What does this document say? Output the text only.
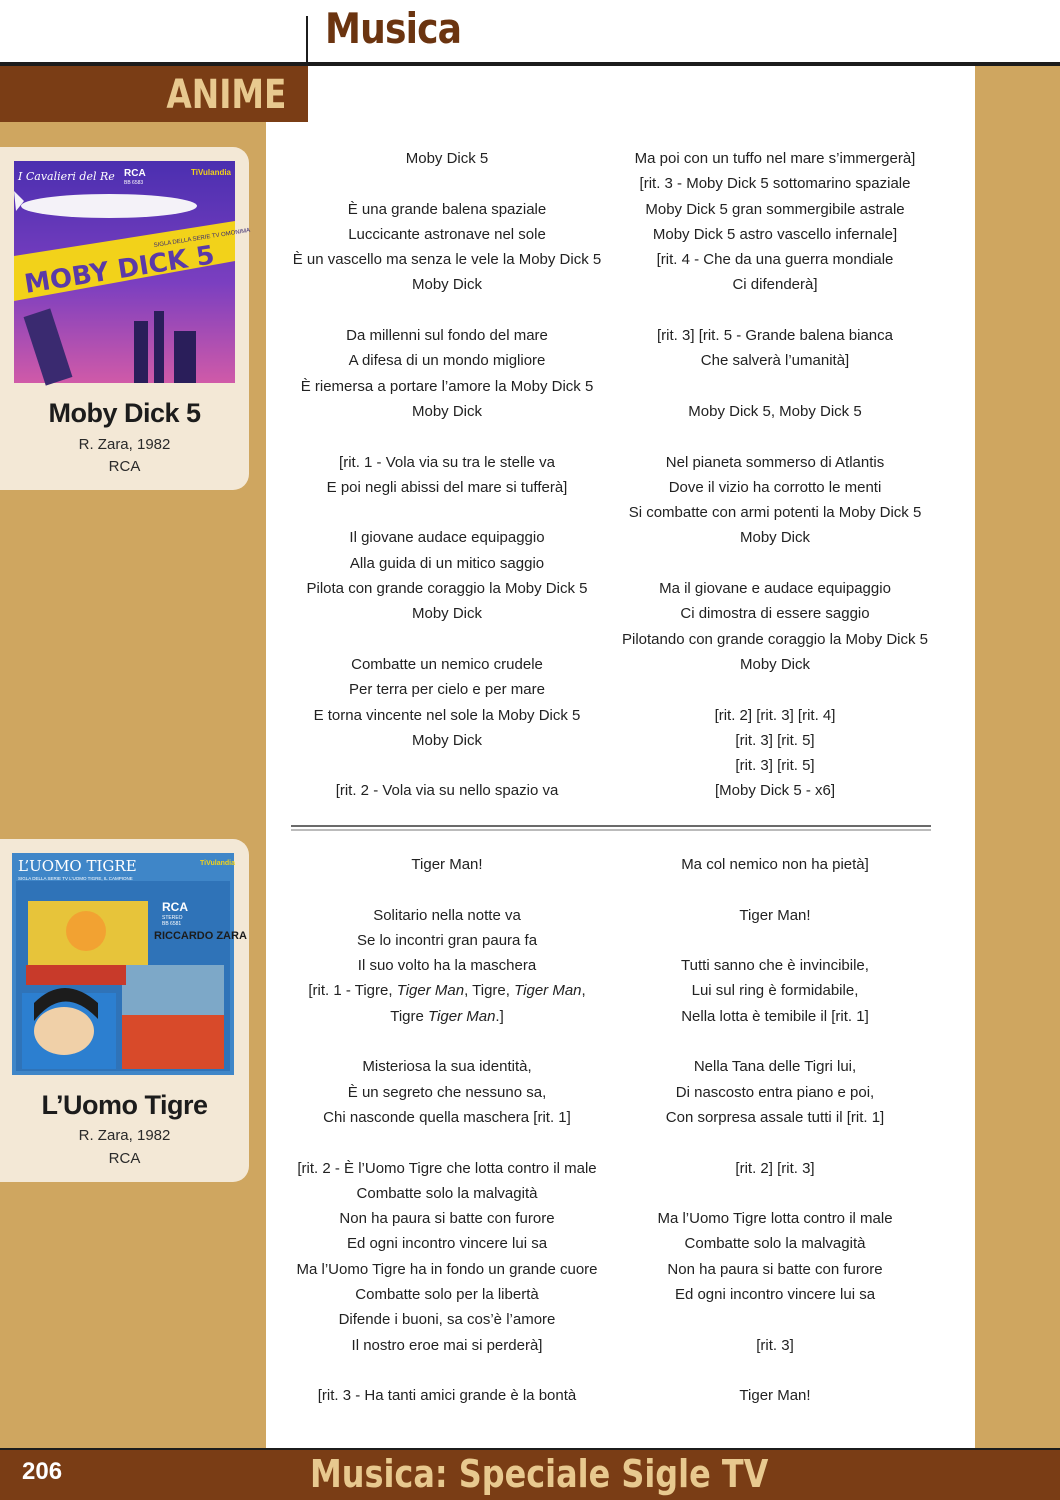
Musica
ANIME
I Cavalieri del Re RCA	TiVulandia
BB 6583
MOBY DICK 5
SIGLA DELLA SERIE TV OMONIMA
Moby Dick 5
R. Zara, 1982
RCA
Moby Dick 5
È una grande balena spaziale
Luccicante astronave nel sole
È un vascello ma senza le vele la Moby Dick 5
Moby Dick
Da millenni sul fondo del mare
A difesa di un mondo migliore
È riemersa a portare l’amore la Moby Dick 5
Moby Dick
[rit. 1 - Vola via su tra le stelle va
E poi negli abissi del mare si tufferà]
Il giovane audace equipaggio
Alla guida di un mitico saggio
Pilota con grande coraggio la Moby Dick 5
Moby Dick
Combatte un nemico crudele
Per terra per cielo e per mare
E torna vincente nel sole la Moby Dick 5
Moby Dick
[rit. 2 - Vola via su nello spazio va
Ma poi con un tuffo nel mare s’immergerà]
[rit. 3 - Moby Dick 5 sottomarino spaziale
Moby Dick 5 gran sommergibile astrale
Moby Dick 5 astro vascello infernale]
[rit. 4 - Che da una guerra mondiale
Ci difenderà]
[rit. 3] [rit. 5 - Grande balena bianca
Che salverà l’umanità]
Moby Dick 5, Moby Dick 5
Nel pianeta sommerso di Atlantis
Dove il vizio ha corrotto le menti
Si combatte con armi potenti la Moby Dick 5
Moby Dick
Ma il giovane e audace equipaggio
Ci dimostra di essere saggio
Pilotando con grande coraggio la Moby Dick 5
Moby Dick
[rit. 2] [rit. 3] [rit. 4]
[rit. 3] [rit. 5]
[rit. 3] [rit. 5]
[Moby Dick 5 - x6]
L’UOMO TIGRE
SIGLA DELLA SERIE TV L’UOMO TIGRE, IL CAMPIONE
TiVulandia
RCA
STEREO
BB 6581
RICCARDO ZARA
L’Uomo Tigre
R. Zara, 1982
RCA
Tiger Man!
Solitario nella notte va
Se lo incontri gran paura fa
Il suo volto ha la maschera
[rit. 1 - Tigre, Tiger Man, Tigre, Tiger Man,
Tigre Tiger Man.]
Misteriosa la sua identità,
È un segreto che nessuno sa,
Chi nasconde quella maschera [rit. 1]
[rit. 2 - È l’Uomo Tigre che lotta contro il male
Combatte solo la malvagità
Non ha paura si batte con furore
Ed ogni incontro vincere lui sa
Ma l’Uomo Tigre ha in fondo un grande cuore
Combatte solo per la libertà
Difende i buoni, sa cos’è l’amore
Il nostro eroe mai si perderà]
[rit. 3 - Ha tanti amici grande è la bontà
Ma col nemico non ha pietà]
Tiger Man!
Tutti sanno che è invincibile,
Lui sul ring è formidabile,
Nella lotta è temibile il [rit. 1]
Nella Tana delle Tigri lui,
Di nascosto entra piano e poi,
Con sorpresa assale tutti il [rit. 1]
[rit. 2] [rit. 3]
Ma l’Uomo Tigre lotta contro il male
Combatte solo la malvagità
Non ha paura si batte con furore
Ed ogni incontro vincere lui sa
[rit. 3]
Tiger Man!
206	Musica: Speciale Sigle TV
